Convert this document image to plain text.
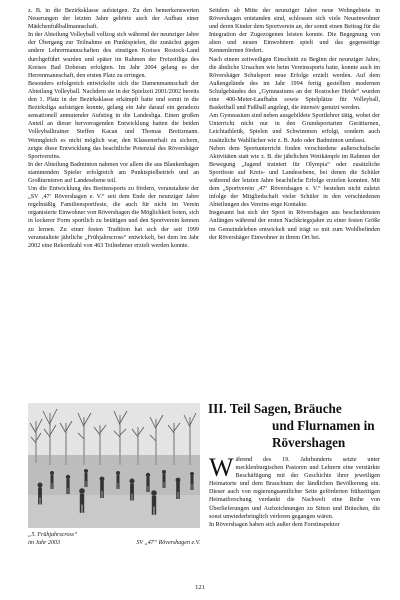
z. B. in die Bezirksklasse aufsteigen. Zu den bemerkenswerten Neuerungen der letzten Jahre gehörte auch der Aufbau einer Mädchenfußballmannschaft.

In der Abteilung Volleyball vollzog sich während der neunziger Jahre der Übergang zur Teilnahme an Punktspielen, die zunächst gegen andere Lehrermannschaften des einstigen Kreises Rostock-Land durchgeführt wurden und später im Rahmen der Freizeitliga des Kreises Bad Doberan erfolgten. Im Jahr 2004 gelang es der Herrenmannschaft, den ersten Platz zu erringen.

Besonders erfolgreich entwickelte sich die Damenmannschaft der Abteilung Volleyball. Nachdem sie in der Spielzeit 2001/2002 bereits den 1. Platz in der Bezirksklasse erkämpft hatte und somit in die Bezirksliga aufsteigen konnte, gelang ein Jahr darauf ein geradezu sensationell anmutender Aufstieg in die Landesliga. Einen großen Anteil an dieser hervorragenden Entwicklung hatten die beiden Volleyballtrainer Steffen Kacan und Thomas Breitzmann. Wenngleich es nicht möglich war, den Klassenerhalt zu sichern, zeigte diese Entwicklung das beachtliche Potenzial des Rövershäger Sportvereins.

In der Abteilung Badminton nahmen vor allem die aus Blankenhagen stammenden Spieler erfolgreich am Punktspielbetrieb und an Großturnieren auf Landesebene teil.

Um die Entwicklung des Breitensports zu fördern, veranstaltete der „SV ‚47‘ Rövershagen e. V.“ seit dem Ende der neunziger Jahre regelmäßig Familiensportfeste, die auch für nicht im Verein organisierte Einwohner von Rövershagen die Möglichkeit boten, sich in lockerer Form sportlich zu betätigen und den Sportverein kennen zu lernen. Zu einer festen Tradition hat sich der seit 1999 veranstaltete jährliche „Frühjahrscross“ entwickelt, bei dem im Jahr 2002 eine Rekordzahl von 463 Teilnehmer erzielt werden konnte.

„5. Frühjahrscross“
im Jahr 2003	SV „47“ Rövershagen e.V.

Seitdem ab Mitte der neunziger Jahre neue Wohngebiete in Rövershagen entstanden sind, schlossen sich viele Neueinwohner und deren Kinder dem Sportverein an, der somit einen Beitrag für die Integration der Zugezogenen leisten konnte. Die Begegnung von alten und neuen Einwohnern spielt und das gegenseitige Kennenlernen fördert.

Nach einem zeitweiligen Einschnitt zu Beginn der neunziger Jahre, die ähnliche Ursachen wie beim Vereinssports hatte, konnte auch im Rövershäger Schulsport neue Erfolge erzielt werden. Auf dem Außengelände des im Jahr 1994 fertig gestellten modernen Schulgebäudes des „Gymnasiums an der Rostocker Heide“ wurden eine 400-Meter-Laufbahn sowie Spielplätze für Volleyball, Basketball und Fußball angelegt, die intensiv genutzt werden.

Am Gymnasium sind neben ausgebildete Sportlehrer tätig, wobei der Unterricht nicht nur in den Grundsportarten Gerätturnen, Leichtathletik, Spielen und Schwimmen erfolgt, sondern auch zusätzliche Wahlfächer wie z. B. Judo oder Badminton umfasst.

Neben dem Sportunterricht finden verschiedene außerschulische Aktivitäten statt wie z. B. die jährlichen Wettkämpfe im Rahmen der Bewegung „Jugend trainiert für Olympia“ oder zusätzliche Sportfeste auf Kreis- und Landesebene, bei denen die Schüler während der letzten Jahre beachtliche Erfolge erzielen konnten. Mit dem „Sportverein ‚47‘ Rövershagen e. V.“ bestehen nicht zuletzt infolge der Mitgliedschaft vieler Schüler in den verschiedenen Abteilungen des Vereins enge Kontakte.

Insgesamt hat sich der Sport in Rövershagen aus bescheidensten Anfängen während der ersten Nachkriegsjahre zu einer festen Größe im Gemeindeleben entwickelt und trägt so mit zum Wohlbefinden der Rövershäger Einwohner in ihrem Ort bei.

III. Teil Sagen, Bräuche
und Flurnamen in
Rövershagen

W ährend des 19. Jahrhunderts setzte unter mecklenburgischen Pastoren und Lehrern eine verstärkte Beschäftigung mit der Geschichte ihrer jeweiligen Heimatorte und dem Brauchtum der ländlichen Bevölkerung ein. Dieser auch von regierungsamtlicher Seite geförderten frühzeitigen Heimatforschung verdankt die Nachwelt eine Reihe von Überlieferungen und Aufzeichnungen zu Sitten und Bräuchen, die sonst unwiederbringlich verloren gegangen wären.

In Rövershagen haben sich außer dem Forstinspektor

121
